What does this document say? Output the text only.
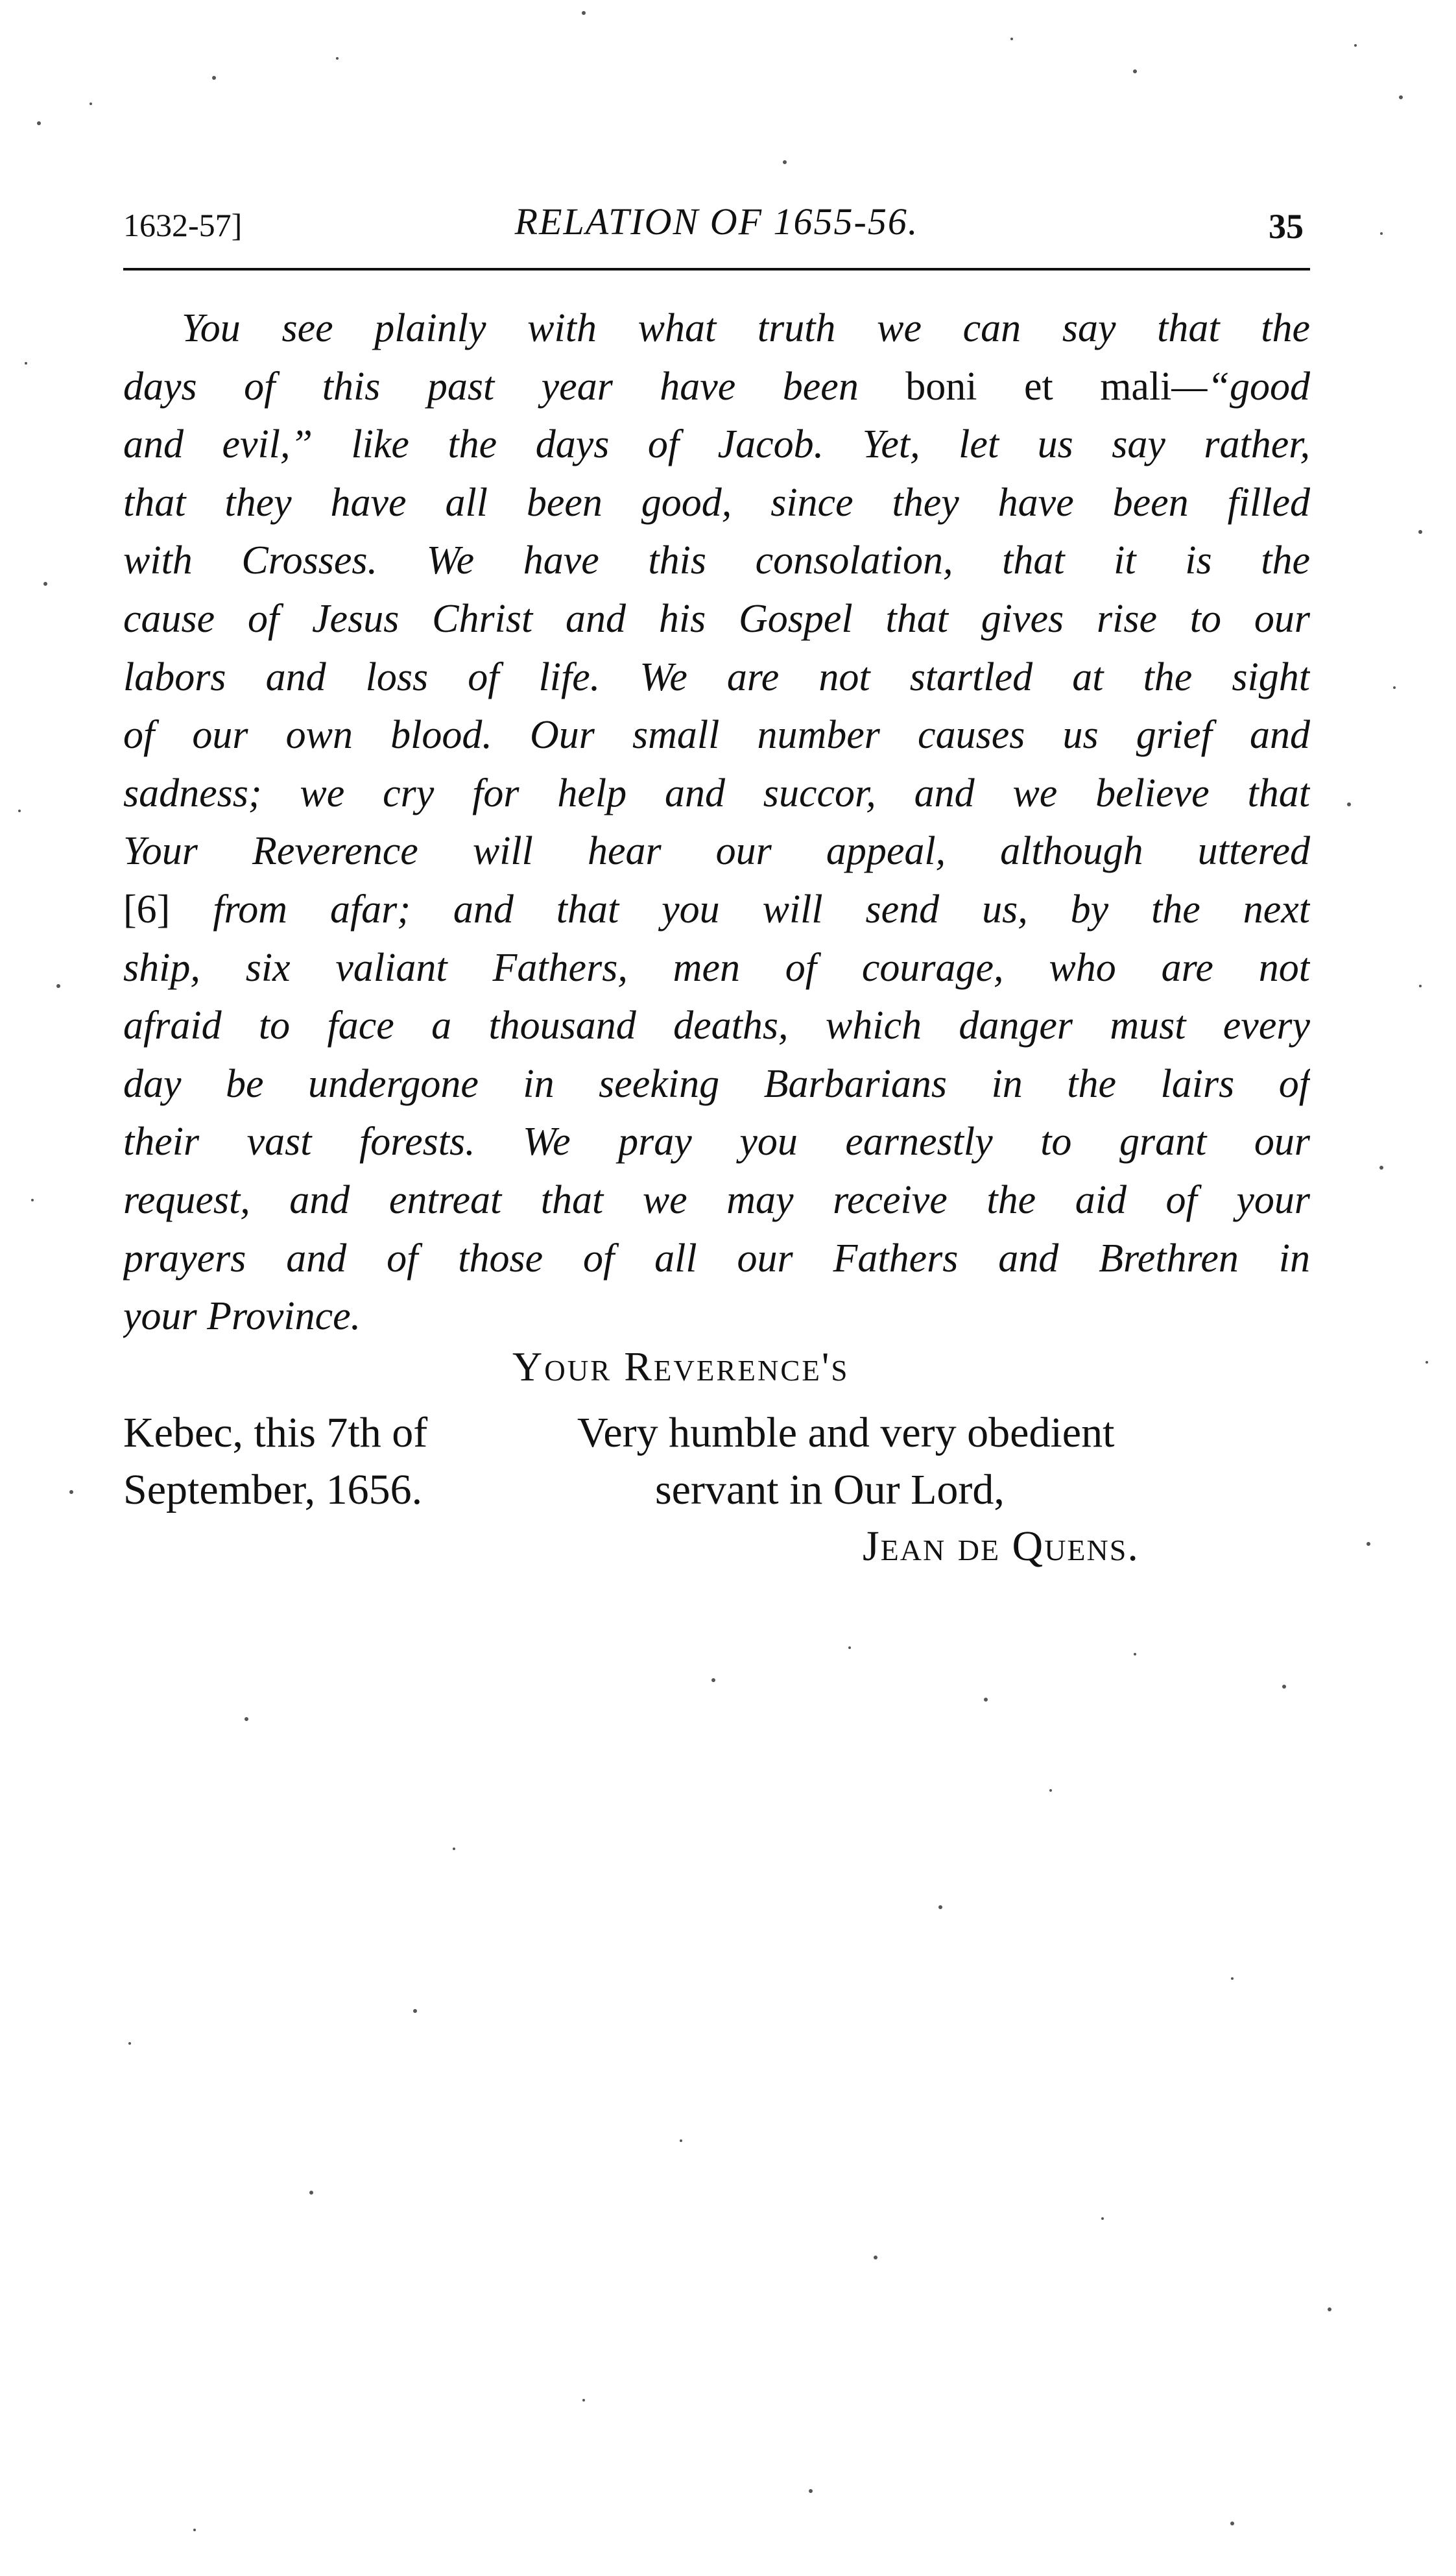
1632-57]	RELATION OF 1655-56.	35
You see plainly with what truth we can say that the
days of this past year have been boni et mali—“good
and evil,” like the days of Jacob. Yet, let us say rather,
that they have all been good, since they have been filled
with Crosses. We have this consolation, that it is the
cause of Jesus Christ and his Gospel that gives rise to our
labors and loss of life. We are not startled at the sight
of our own blood. Our small number causes us grief and
sadness; we cry for help and succor, and we believe that
Your Reverence will hear our appeal, although uttered
[6] from afar; and that you will send us, by the next
ship, six valiant Fathers, men of courage, who are not
afraid to face a thousand deaths, which danger must every
day be undergone in seeking Barbarians in the lairs of
their vast forests. We pray you earnestly to grant our
request, and entreat that we may receive the aid of your
prayers and of those of all our Fathers and Brethren in
your Province.
Your Reverence's
Kebec, this 7th of
September, 1656.
Very humble and very obedient
servant in Our Lord,
Jean de Quens.
